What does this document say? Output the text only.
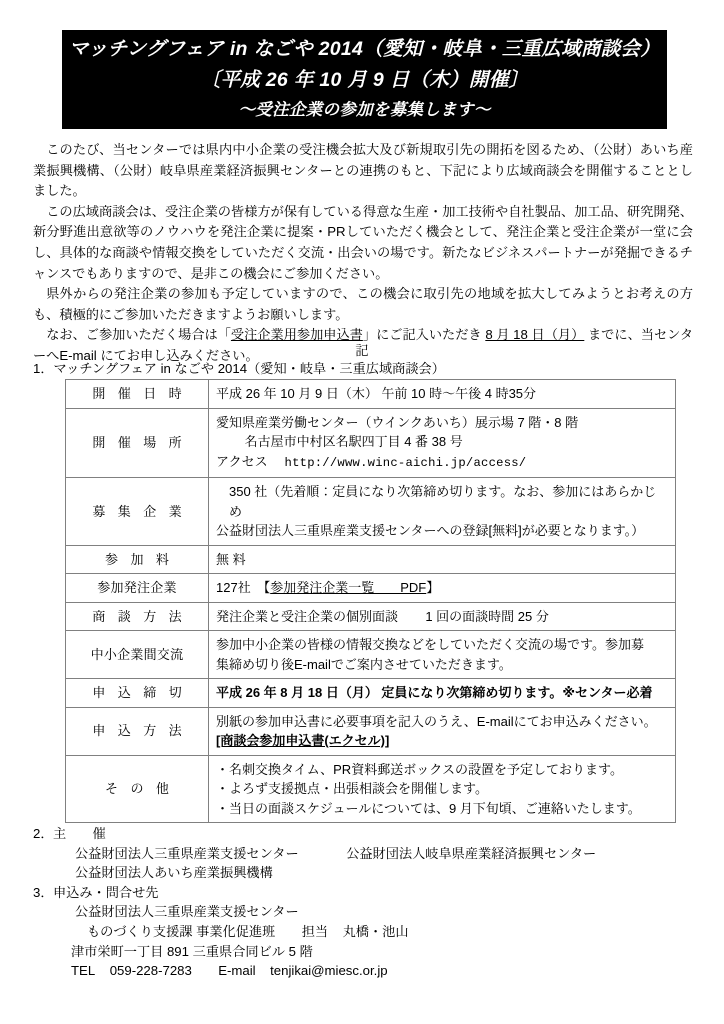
マッチングフェア in なごや 2014（愛知・岐阜・三重広域商談会）
〔平成 26 年 10 月 9 日（木）開催〕
〜受注企業の参加を募集します〜

このたび、当センターでは県内中小企業の受注機会拡大及び新規取引先の開拓を図るため、（公財）あいち産業振興機構、（公財）岐阜県産業経済振興センターとの連携のもと、下記により広域商談会を開催することとしました。

この広域商談会は、受注企業の皆様方が保有している得意な生産・加工技術や自社製品、加工品、研究開発、新分野進出意欲等のノウハウを発注企業に提案・PRしていただく機会として、発注企業と受注企業が一堂に会し、具体的な商談や情報交換をしていただく交流・出会いの場です。新たなビジネスパートナーが発掘できるチャンスでもありますので、是非この機会にご参加ください。

県外からの発注企業の参加も予定していますので、この機会に取引先の地域を拡大してみようとお考えの方も、積極的にご参加いただきますようお願いします。

なお、ご参加いただく場合は「受注企業用参加申込書」にご記入いただき 8 月 18 日（月） までに、当センターへE-mail にてお申し込みください。	記
1．マッチングフェア in なごや 2014（愛知・岐阜・三重広域商談会）
開 催 日 時	平成 26 年 10 月 9 日（木） 午前 10 時〜午後 4 時35分

開 催 場 所	愛知県産業労働センター（ウインクあいち）展示場 7 階・8 階
名古屋市中村区名駅四丁目 4 番 38 号
アクセス http://www.winc-aichi.jp/access/

募 集 企 業	350 社（先着順：定員になり次第締め切ります。なお、参加にはあらかじめ
公益財団法人三重県産業支援センターへの登録[無料]が必要となります。）

参 加 料	無 料

参加発注企業	127社　【参加発注企業一覧　　PDF】
商 談 方 法	発注企業と受注企業の個別面談 1 回の面談時間 25 分
中小企業間交流	参加中小企業の皆様の情報交換などをしていただく交流の場です。参加募
集締め切り後E-mailでご案内させていただきます。

申 込 締 切	平成 26 年 8 月 18 日（月） 定員になり次第締め切ります。※センター必着
申 込 方 法	別紙の参加申込書に必要事項を記入のうえ、E-mailにてお申込みください。
[商談会参加申込書(エクセル)]

そ の 他	・名刺交換タイム、PR資料郵送ボックスの設置を予定しております。
・よろず支援拠点・出張相談会を開催します。
・当日の面談スケジュールについては、9 月下旬頃、ご連絡いたします。
2．主　　催
公益財団法人三重県産業支援センター	公益財団法人岐阜県産業経済振興センター
公益財団法人あいち産業振興機構
3．申込み・問合せ先
公益財団法人三重県産業支援センター
ものづくり支援課 事業化促進班 担当 丸橋・池山
津市栄町一丁目 891 三重県合同ビル 5 階
TEL 059-228-7283 E-mail tenjikai@miesc.or.jp
